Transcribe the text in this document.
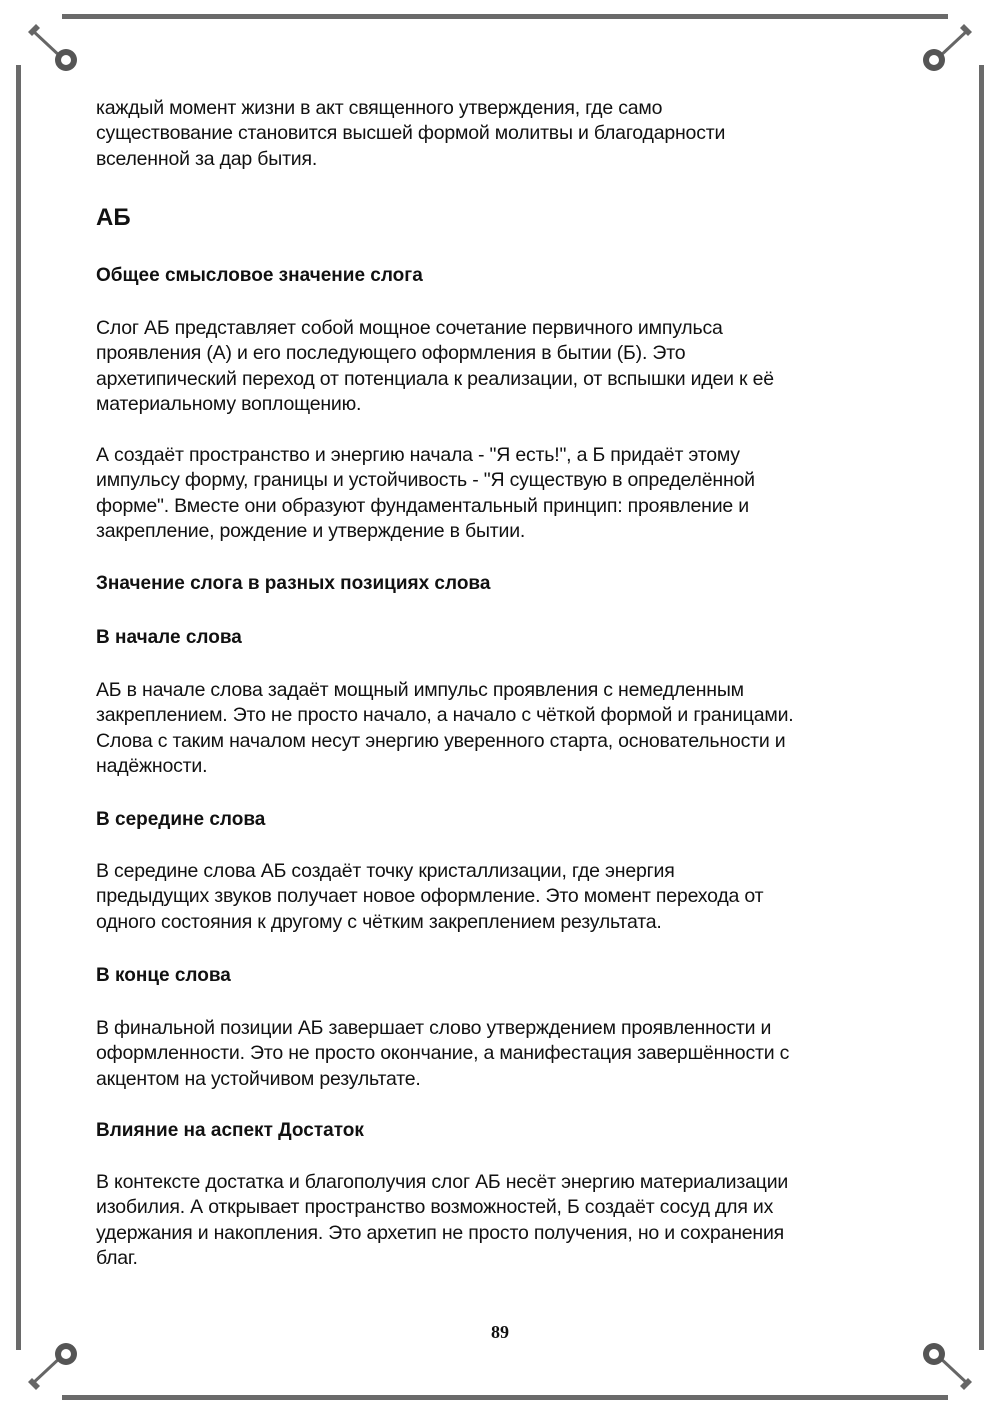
каждый момент жизни в акт священного утверждения, где само
существование становится высшей формой молитвы и благодарности
вселенной за дар бытия.
АБ
Общее смысловое значение слога
Слог АБ представляет собой мощное сочетание первичного импульса
проявления (А) и его последующего оформления в бытии (Б). Это
архетипический переход от потенциала к реализации, от вспышки идеи к её
материальному воплощению.
А создаёт пространство и энергию начала - "Я есть!", а Б придаёт этому
импульсу форму, границы и устойчивость - "Я существую в определённой
форме". Вместе они образуют фундаментальный принцип: проявление и
закрепление, рождение и утверждение в бытии.
Значение слога в разных позициях слова
В начале слова
АБ в начале слова задаёт мощный импульс проявления с немедленным
закреплением. Это не просто начало, а начало с чёткой формой и границами.
Слова с таким началом несут энергию уверенного старта, основательности и
надёжности.
В середине слова
В середине слова АБ создаёт точку кристаллизации, где энергия
предыдущих звуков получает новое оформление. Это момент перехода от
одного состояния к другому с чётким закреплением результата.
В конце слова
В финальной позиции АБ завершает слово утверждением проявленности и
оформленности. Это не просто окончание, а манифестация завершённости с
акцентом на устойчивом результате.
Влияние на аспект Достаток
В контексте достатка и благополучия слог АБ несёт энергию материализации
изобилия. А открывает пространство возможностей, Б создаёт сосуд для их
удержания и накопления. Это архетип не просто получения, но и сохранения
благ.
89
